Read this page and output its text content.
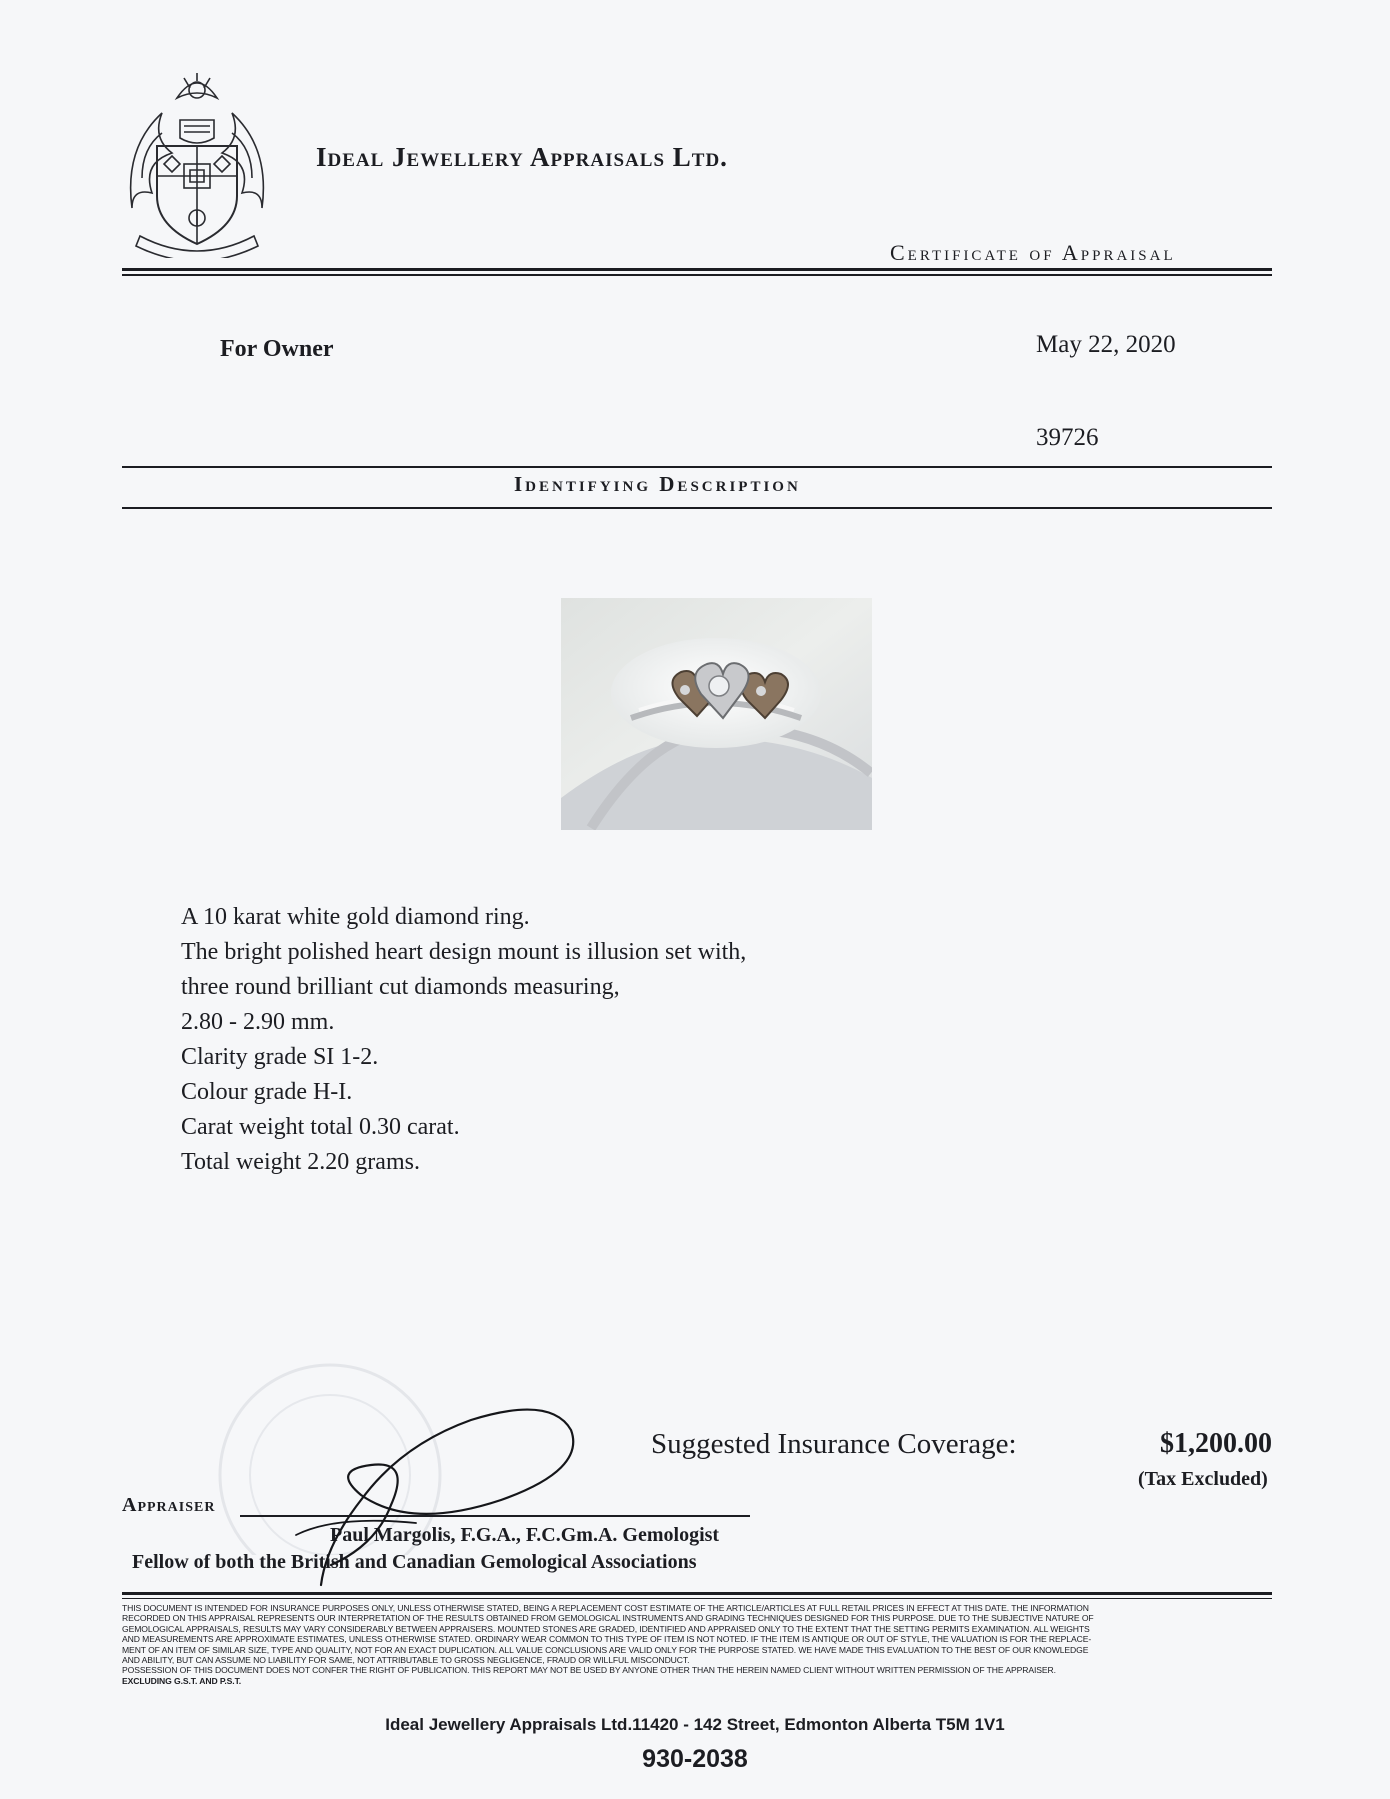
Ideal Jewellery Appraisals Ltd.
Certificate of Appraisal
For Owner	May 22, 2020
39726
Identifying Description
A 10 karat white gold diamond ring.
The bright polished heart design mount is illusion set with,
three round brilliant cut diamonds measuring,
2.80 - 2.90 mm.
Clarity grade SI 1-2.
Colour grade H-I.
Carat weight total 0.30 carat.
Total weight 2.20 grams.
Suggested Insurance Coverage:	$1,200.00
(Tax Excluded)
Appraiser
Paul Margolis, F.G.A., F.C.Gm.A. Gemologist
Fellow of both the British and Canadian Gemological Associations
THIS DOCUMENT IS INTENDED FOR INSURANCE PURPOSES ONLY, UNLESS OTHERWISE STATED, BEING A REPLACEMENT COST ESTIMATE OF THE ARTICLE/ARTICLES AT FULL RETAIL PRICES IN EFFECT AT THIS DATE. THE INFORMATION
RECORDED ON THIS APPRAISAL REPRESENTS OUR INTERPRETATION OF THE RESULTS OBTAINED FROM GEMOLOGICAL INSTRUMENTS AND GRADING TECHNIQUES DESIGNED FOR THIS PURPOSE. DUE TO THE SUBJECTIVE NATURE OF
GEMOLOGICAL APPRAISALS, RESULTS MAY VARY CONSIDERABLY BETWEEN APPRAISERS. MOUNTED STONES ARE GRADED, IDENTIFIED AND APPRAISED ONLY TO THE EXTENT THAT THE SETTING PERMITS EXAMINATION. ALL WEIGHTS
AND MEASUREMENTS ARE APPROXIMATE ESTIMATES, UNLESS OTHERWISE STATED. ORDINARY WEAR COMMON TO THIS TYPE OF ITEM IS NOT NOTED. IF THE ITEM IS ANTIQUE OR OUT OF STYLE, THE VALUATION IS FOR THE REPLACE-
MENT OF AN ITEM OF SIMILAR SIZE, TYPE AND QUALITY, NOT FOR AN EXACT DUPLICATION. ALL VALUE CONCLUSIONS ARE VALID ONLY FOR THE PURPOSE STATED. WE HAVE MADE THIS EVALUATION TO THE BEST OF OUR KNOWLEDGE
AND ABILITY, BUT CAN ASSUME NO LIABILITY FOR SAME, NOT ATTRIBUTABLE TO GROSS NEGLIGENCE, FRAUD OR WILLFUL MISCONDUCT.
POSSESSION OF THIS DOCUMENT DOES NOT CONFER THE RIGHT OF PUBLICATION. THIS REPORT MAY NOT BE USED BY ANYONE OTHER THAN THE HEREIN NAMED CLIENT WITHOUT WRITTEN PERMISSION OF THE APPRAISER.
EXCLUDING G.S.T. AND P.S.T.
Ideal Jewellery Appraisals Ltd.11420 - 142 Street, Edmonton Alberta T5M 1V1
930-2038
